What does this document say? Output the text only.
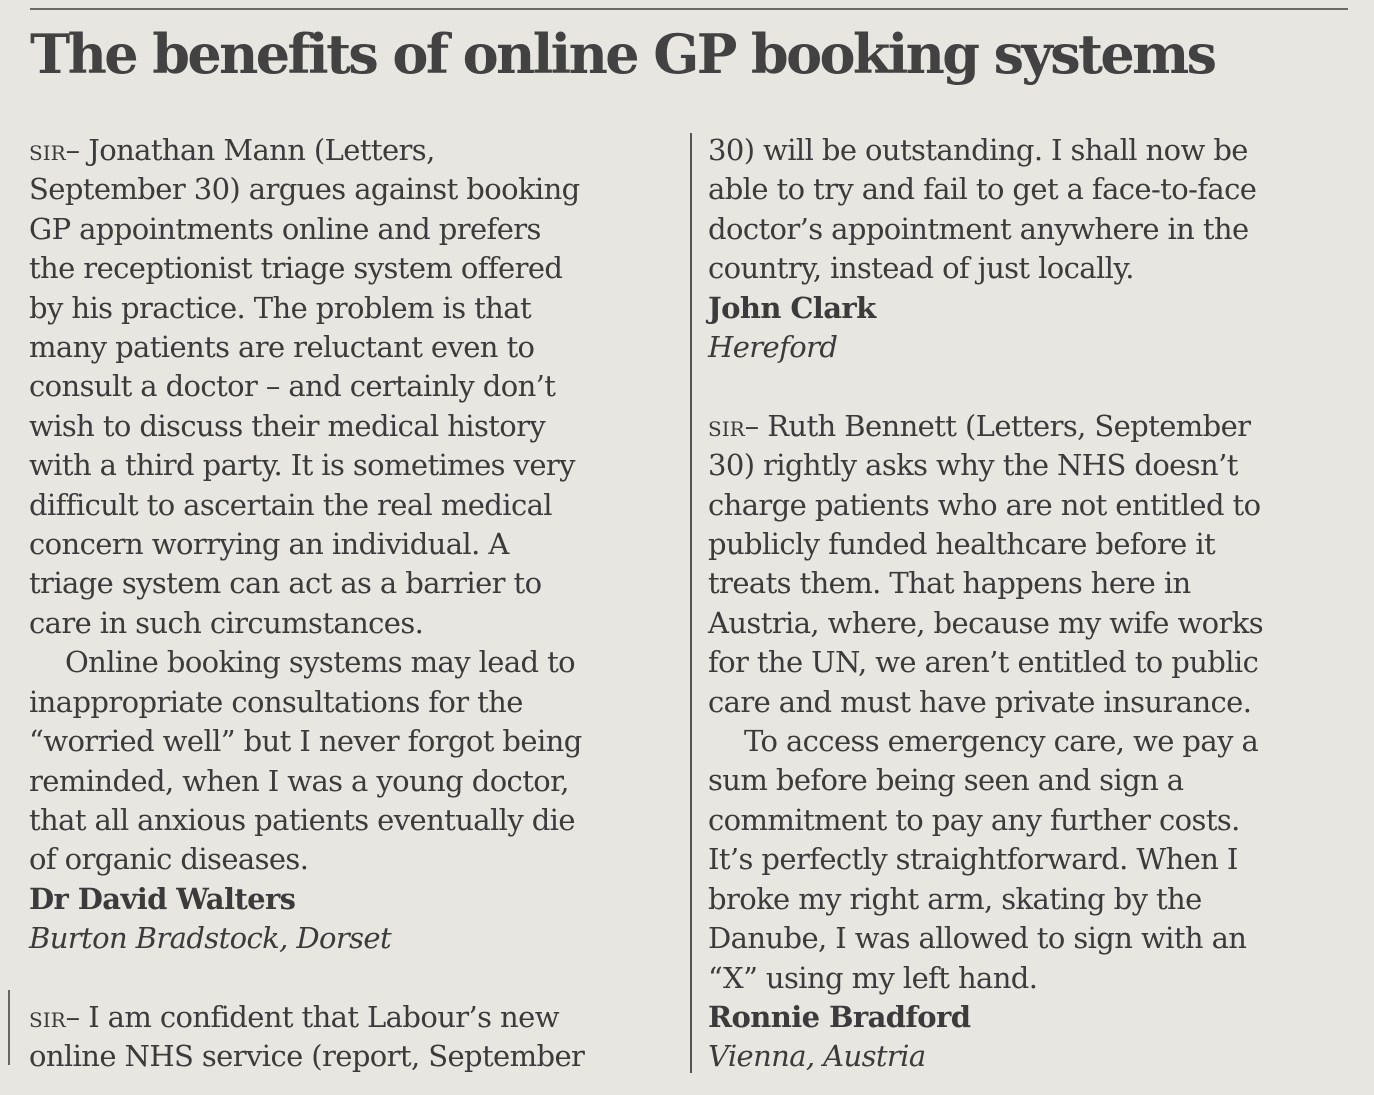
The benefits of online GP booking systems

sir– Jonathan Mann (Letters,
September 30) argues against booking
GP appointments online and prefers
the receptionist triage system offered
by his practice. The problem is that
many patients are reluctant even to
consult a doctor – and certainly don’t
wish to discuss their medical history
with a third party. It is sometimes very
difficult to ascertain the real medical
concern worrying an individual. A
triage system can act as a barrier to
care in such circumstances.

Online booking systems may lead to
inappropriate consultations for the
“worried well” but I never forgot being
reminded, when I was a young doctor,
that all anxious patients eventually die
of organic diseases.

Dr David Walters
Burton Bradstock, Dorset

sir– I am confident that Labour’s new
online NHS service (report, September

30) will be outstanding. I shall now be
able to try and fail to get a face-to-face
doctor’s appointment anywhere in the
country, instead of just locally.

John Clark
Hereford

sir– Ruth Bennett (Letters, September
30) rightly asks why the NHS doesn’t
charge patients who are not entitled to
publicly funded healthcare before it
treats them. That happens here in
Austria, where, because my wife works
for the UN, we aren’t entitled to public
care and must have private insurance.

To access emergency care, we pay a
sum before being seen and sign a
commitment to pay any further costs.
It’s perfectly straightforward. When I
broke my right arm, skating by the
Danube, I was allowed to sign with an
“X” using my left hand.

Ronnie Bradford
Vienna, Austria
